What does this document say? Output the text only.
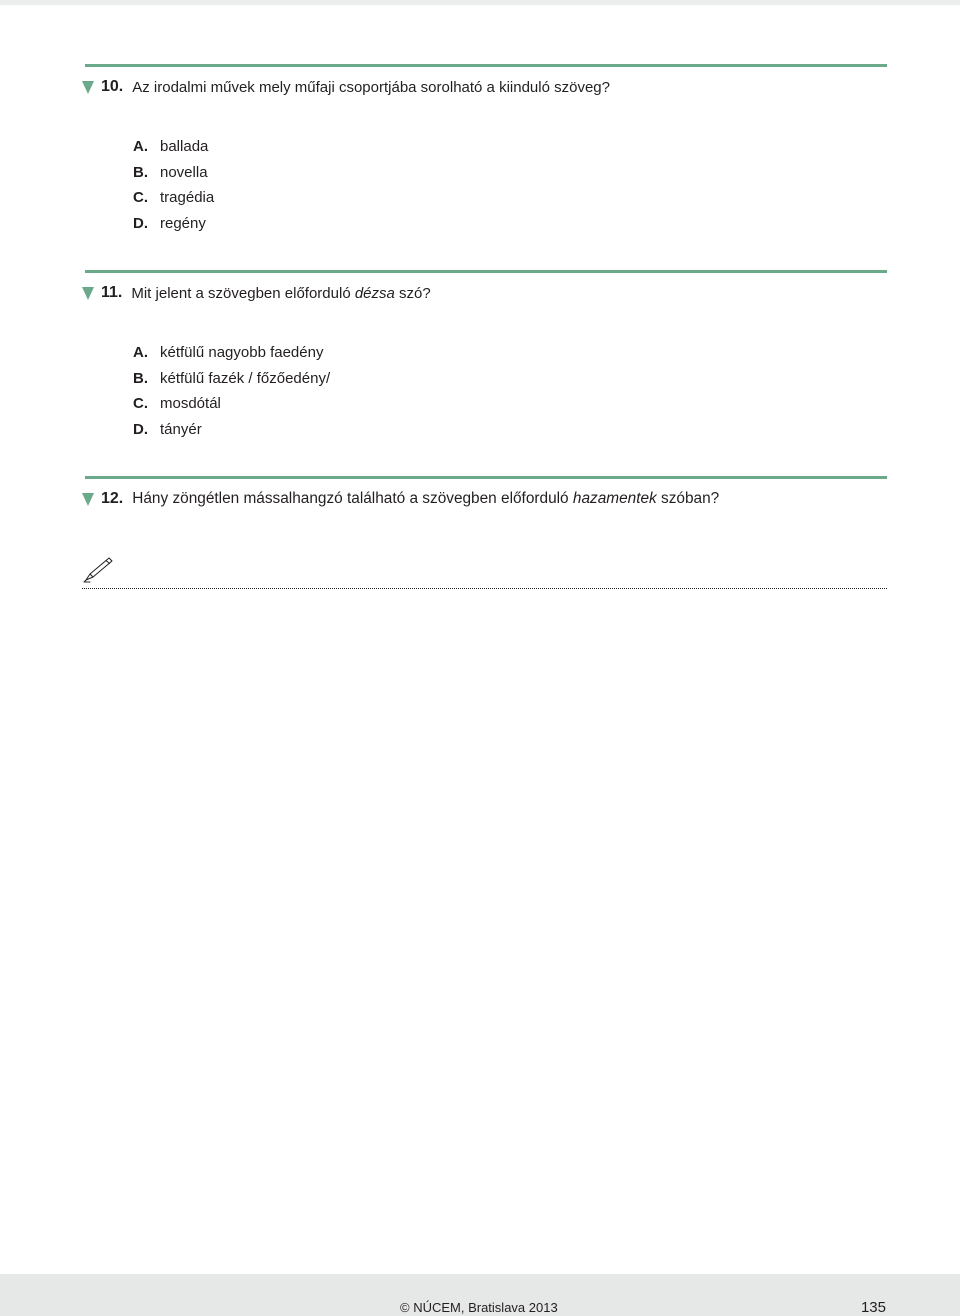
10. Az irodalmi művek mely műfaji csoportjába sorolható a kiinduló szöveg?
A. ballada
B. novella
C. tragédia
D. regény
11. Mit jelent a szövegben előforduló dézsa szó?
A. kétfülű nagyobb faedény
B. kétfülű fazék / főzőedény/
C. mosdótál
D. tányér
12. Hány zöngétlen mássalhangzó található a szövegben előforduló hazamentek szóban?
© NÚCEM, Bratislava 2013	135
